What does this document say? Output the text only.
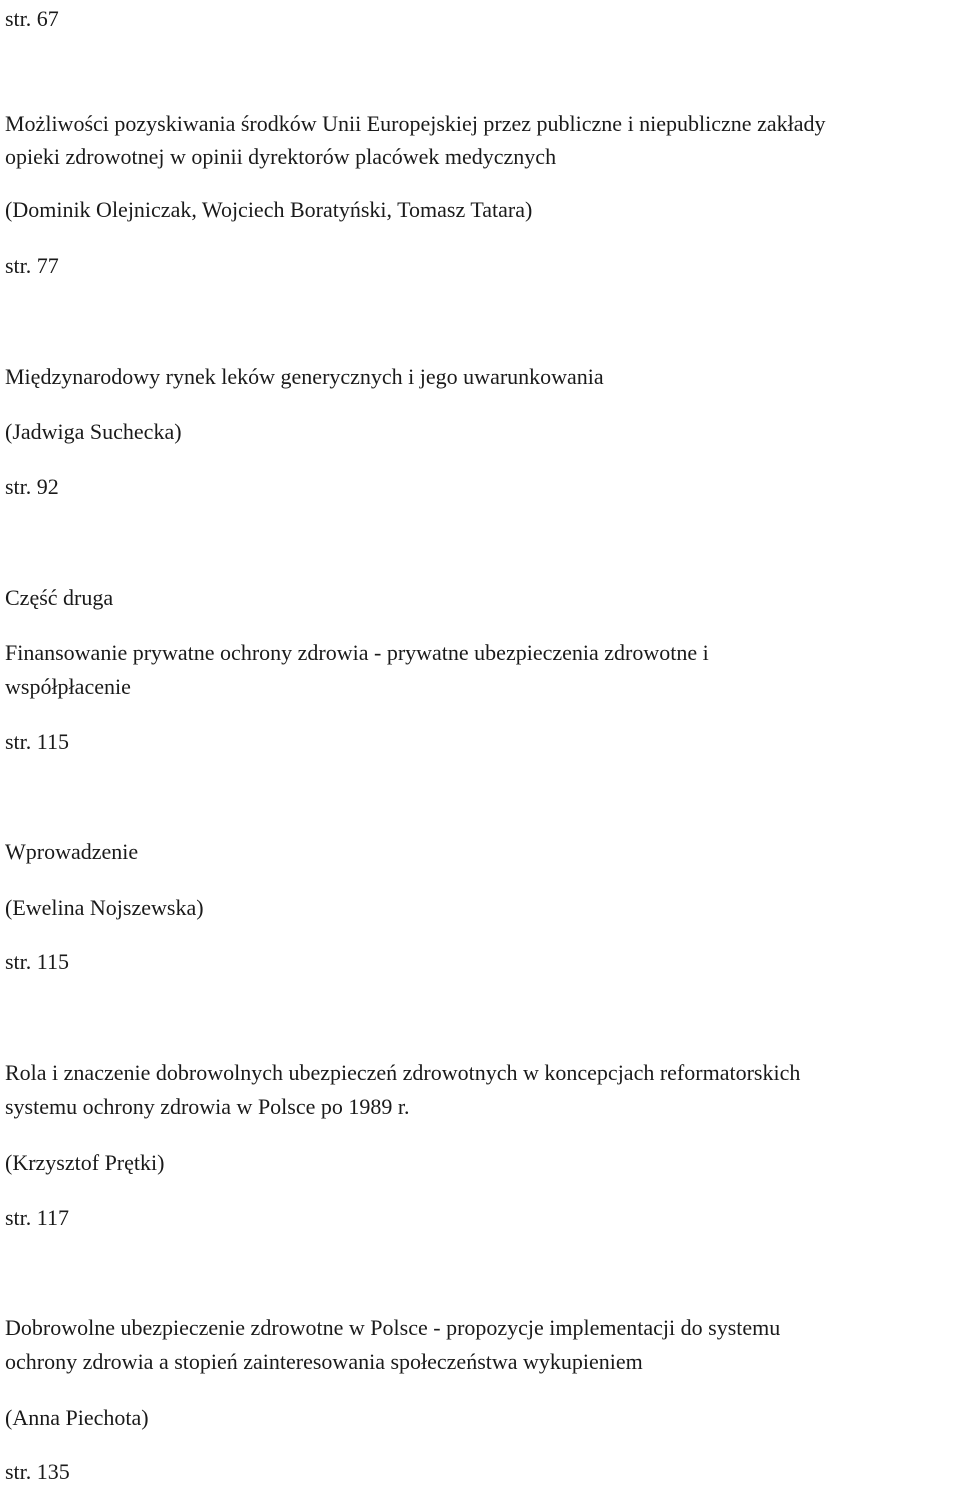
str. 67
Możliwości pozyskiwania środków Unii Europejskiej przez publiczne i niepubliczne zakłady
opieki zdrowotnej w opinii dyrektorów placówek medycznych
(Dominik Olejniczak, Wojciech Boratyński, Tomasz Tatara)
str. 77
Międzynarodowy rynek leków generycznych i jego uwarunkowania
(Jadwiga Suchecka)
str. 92
Część druga
Finansowanie prywatne ochrony zdrowia - prywatne ubezpieczenia zdrowotne i
współpłacenie
str. 115
Wprowadzenie
(Ewelina Nojszewska)
str. 115
Rola i znaczenie dobrowolnych ubezpieczeń zdrowotnych w koncepcjach reformatorskich
systemu ochrony zdrowia w Polsce po 1989 r.
(Krzysztof Prętki)
str. 117
Dobrowolne ubezpieczenie zdrowotne w Polsce - propozycje implementacji do systemu
ochrony zdrowia a stopień zainteresowania społeczeństwa wykupieniem
(Anna Piechota)
str. 135
